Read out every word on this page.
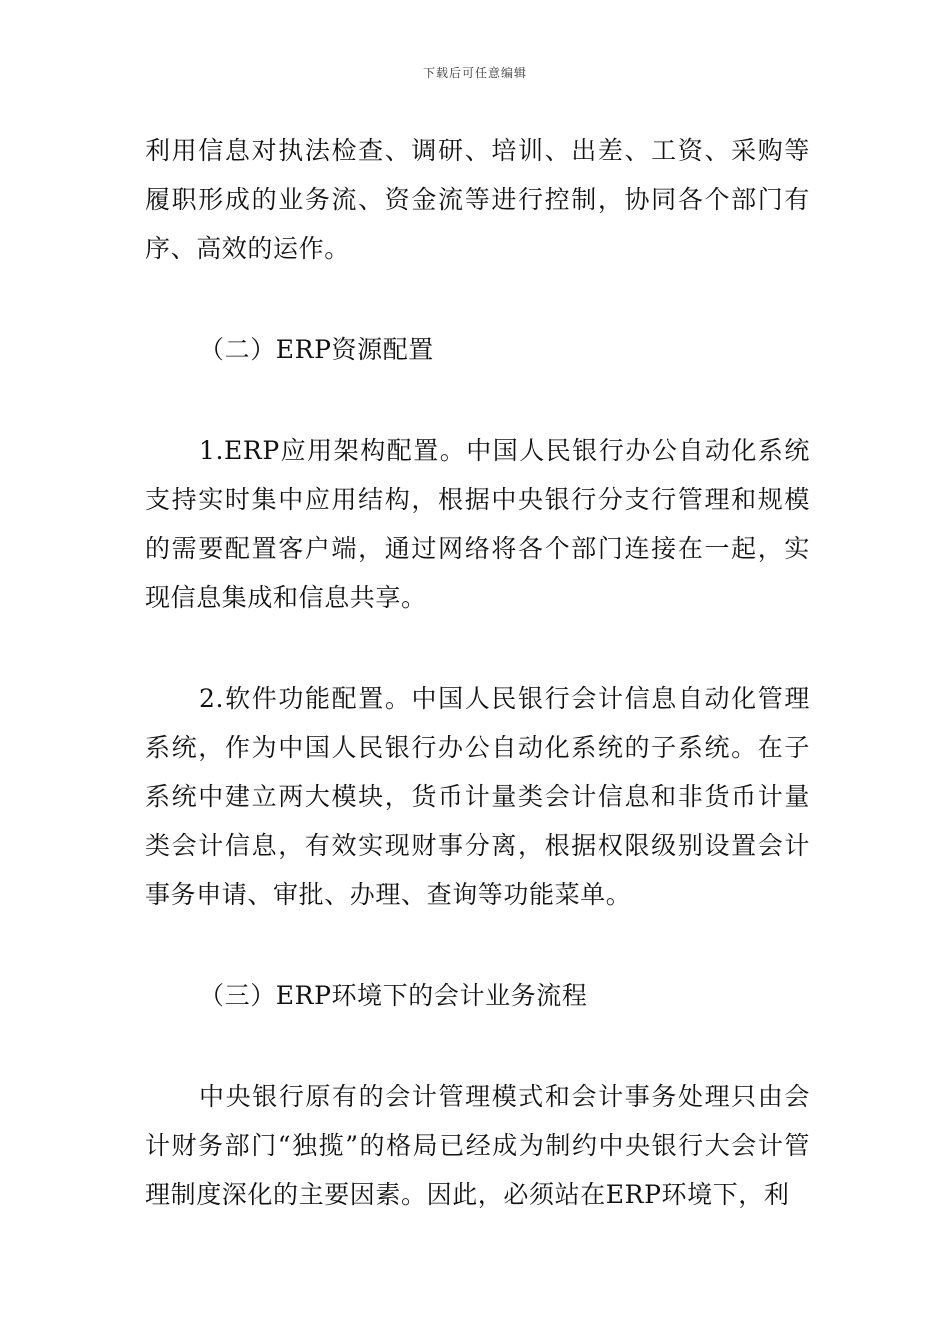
下载后可任意编辑

利用信息对执法检查、调研、培训、出差、工资、采购等履职形成的业务流、资金流等进行控制，协同各个部门有序、高效的运作。

（二）ERP资源配置

1.ERP应用架构配置。中国人民银行办公自动化系统支持实时集中应用结构，根据中央银行分支行管理和规模的需要配置客户端，通过网络将各个部门连接在一起，实现信息集成和信息共享。

2.软件功能配置。中国人民银行会计信息自动化管理系统，作为中国人民银行办公自动化系统的子系统。在子系统中建立两大模块，货币计量类会计信息和非货币计量类会计信息，有效实现财事分离，根据权限级别设置会计事务申请、审批、办理、查询等功能菜单。

（三）ERP环境下的会计业务流程

中央银行原有的会计管理模式和会计事务处理只由会计财务部门“独揽”的格局已经成为制约中央银行大会计管理制度深化的主要因素。因此，必须站在ERP环境下，利
